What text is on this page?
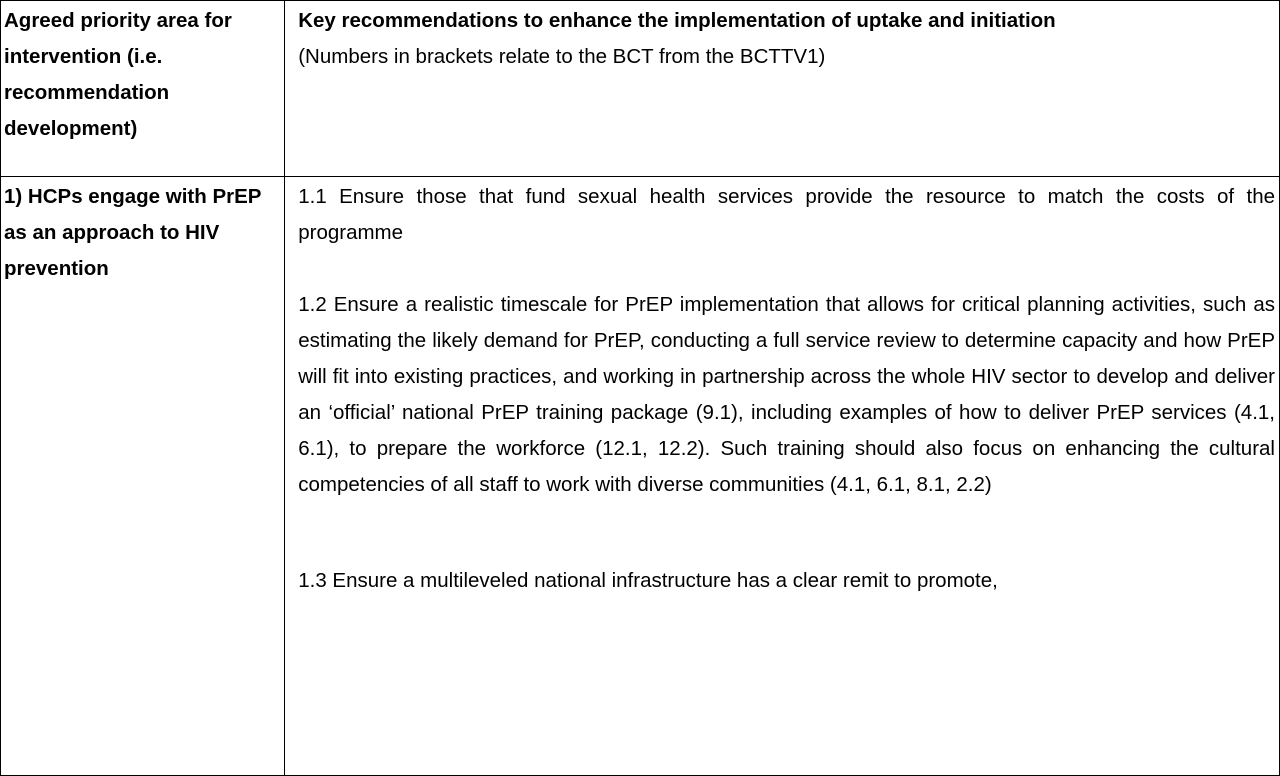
Agreed priority area for intervention (i.e. recommendation development)	Key recommendations to enhance the implementation of uptake and initiation
(Numbers in brackets relate to the BCT from the BCTTV1)

1) HCPs engage with PrEP as an approach to HIV prevention	1.1 Ensure those that fund sexual health services provide the resource to match the costs of the programme

1.2 Ensure a realistic timescale for PrEP implementation that allows for critical planning activities, such as estimating the likely demand for PrEP, conducting a full service review to determine capacity and how PrEP will fit into existing practices, and working in partnership across the whole HIV sector to develop and deliver an ‘official’ national PrEP training package (9.1), including examples of how to deliver PrEP services (4.1, 6.1), to prepare the workforce (12.1, 12.2). Such training should also focus on enhancing the cultural competencies of all staff to work with diverse communities (4.1, 6.1, 8.1, 2.2)

1.3 Ensure a multileveled national infrastructure has a clear remit to promote,
